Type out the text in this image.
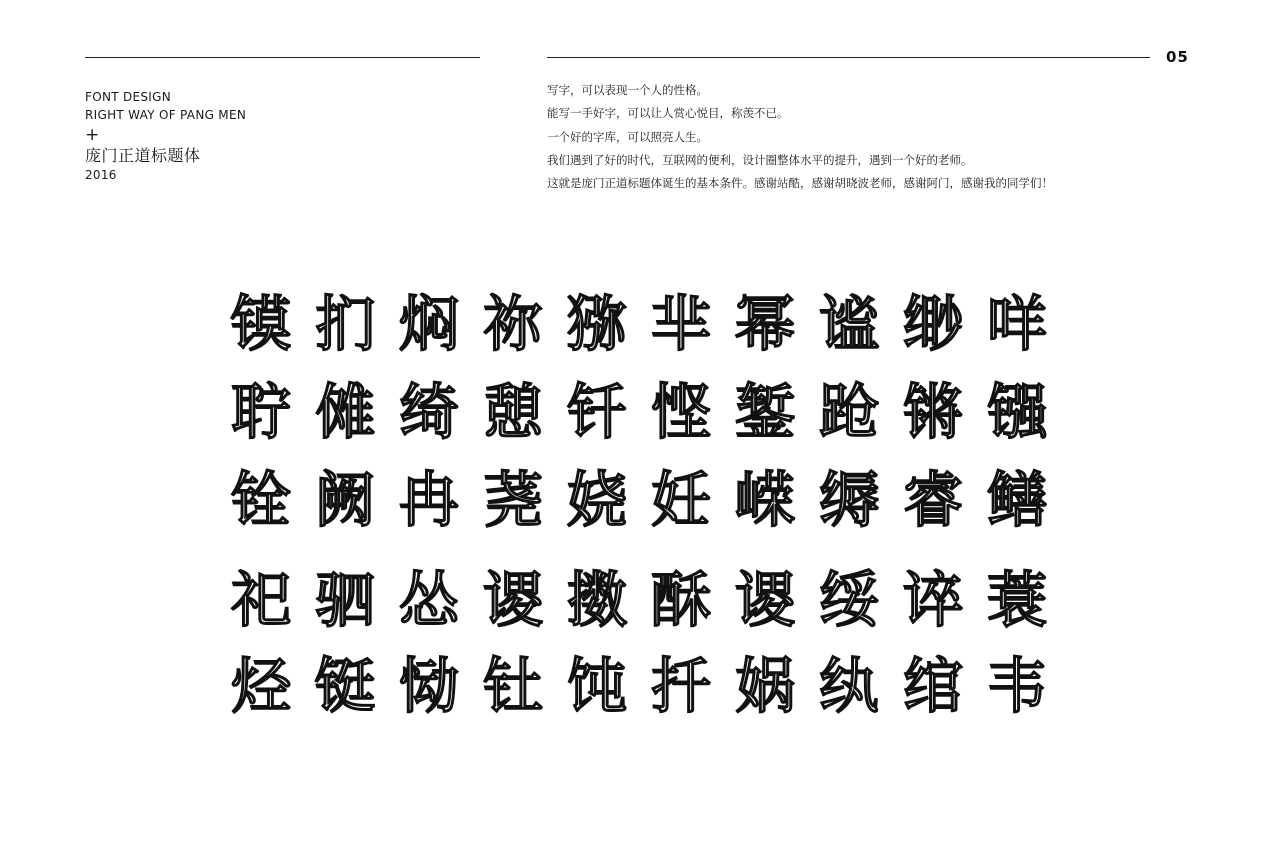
05
FONT DESIGN
RIGHT WAY OF PANG MEN
+
庞门正道标题体
2016
写字，可以表现一个人的性格。
能写一手好字，可以让人赏心悦目，称羡不已。
一个好的字库，可以照亮人生。
我们遇到了好的时代，互联网的便利，设计圈整体水平的提升，遇到一个好的老师。
这就是庞门正道标题体诞生的基本条件。感谢站酷，感谢胡晓波老师，感谢阿门，感谢我的同学们！
镆 扪 焖 祢 猕 芈 幂 谧 缈 咩
聍 傩 绮 憩 钎 悭 錾 跄 锵 镪
铨 阙 冉 荛 娆 妊 嵘 缛 睿 鳝
祀 驷 怂 谡 擞 酥 谡 绥 谇 蓑
烃 铤 恸 钍 饨 扦 娲 纨 绾 韦
